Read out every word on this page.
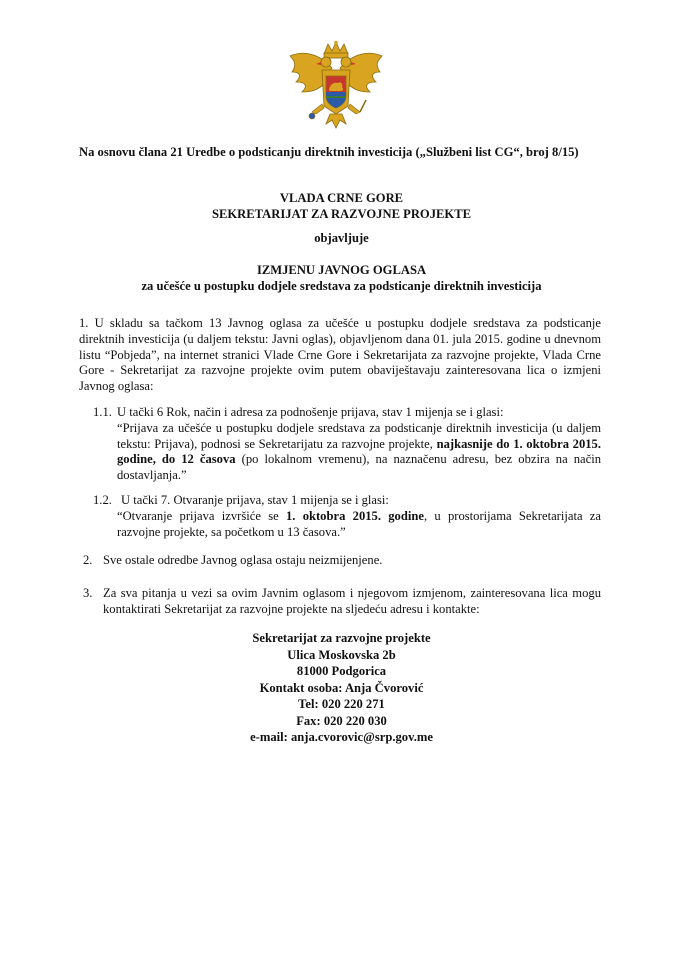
Na osnovu člana 21 Uredbe o podsticanju direktnih investicija („Službeni list CG“, broj 8/15)
VLADA CRNE GORE
SEKRETARIJAT ZA RAZVOJNE PROJEKTE
objavljuje
IZMJENU JAVNOG OGLASA
za učešće u postupku dodjele sredstava za podsticanje direktnih investicija
1. U skladu sa tačkom 13 Javnog oglasa za učešće u postupku dodjele sredstava za podsticanje direktnih investicija (u daljem tekstu: Javni oglas), objavljenom dana 01. jula 2015. godine u dnevnom listu “Pobjeda”, na internet stranici Vlade Crne Gore i Sekretarijata za razvojne projekte, Vlada Crne Gore - Sekretarijat za razvojne projekte ovim putem obaviještavaju zainteresovana lica o izmjeni Javnog oglasa:
1.1. U tački 6 Rok, način i adresa za podnošenje prijava, stav 1 mijenja se i glasi:
“Prijava za učešće u postupku dodjele sredstava za podsticanje direktnih investicija (u daljem tekstu: Prijava), podnosi se Sekretarijatu za razvojne projekte, najkasnije do 1. oktobra 2015. godine, do 12 časova (po lokalnom vremenu), na naznačenu adresu, bez obzira na način dostavljanja.”
1.2. U tački 7. Otvaranje prijava, stav 1 mijenja se i glasi:
“Otvaranje prijava izvršiće se 1. oktobra 2015. godine, u prostorijama Sekretarijata za razvojne projekte, sa početkom u 13 časova.”
2. Sve ostale odredbe Javnog oglasa ostaju neizmijenjene.
3. Za sva pitanja u vezi sa ovim Javnim oglasom i njegovom izmjenom, zainteresovana lica mogu kontaktirati Sekretarijat za razvojne projekte na sljedeću adresu i kontakte:
Sekretarijat za razvojne projekte
Ulica Moskovska 2b
81000 Podgorica
Kontakt osoba: Anja Čvorović
Tel: 020 220 271
Fax: 020 220 030
e-mail: anja.cvorovic@srp.gov.me
